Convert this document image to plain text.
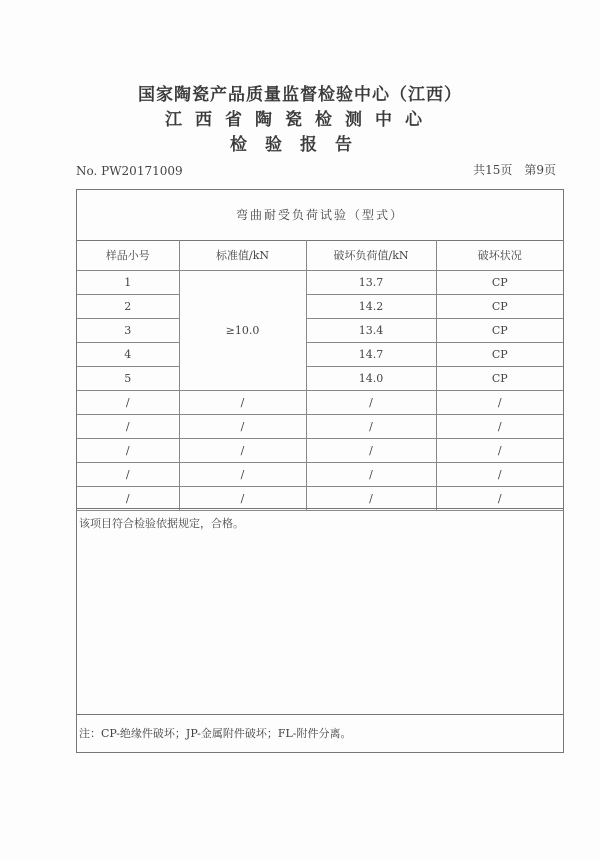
国家陶瓷产品质量监督检验中心（江西）
江西省陶瓷检测中心
检验报告
No. PW20171009	共15页 第9页
弯曲耐受负荷试验（型式）
样品小号	标准值/kN	破坏负荷值/kN	破坏状况
1	≥10.0	13.7	CP
2		14.2	CP
3		13.4	CP
4		14.7	CP
5		14.0	CP
/	/	/	/
/	/	/	/
/	/	/	/
/	/	/	/
/	/	/	/
该项目符合检验依据规定，合格。
注：CP-绝缘件破坏；JP-金属附件破坏；FL-附件分离。
